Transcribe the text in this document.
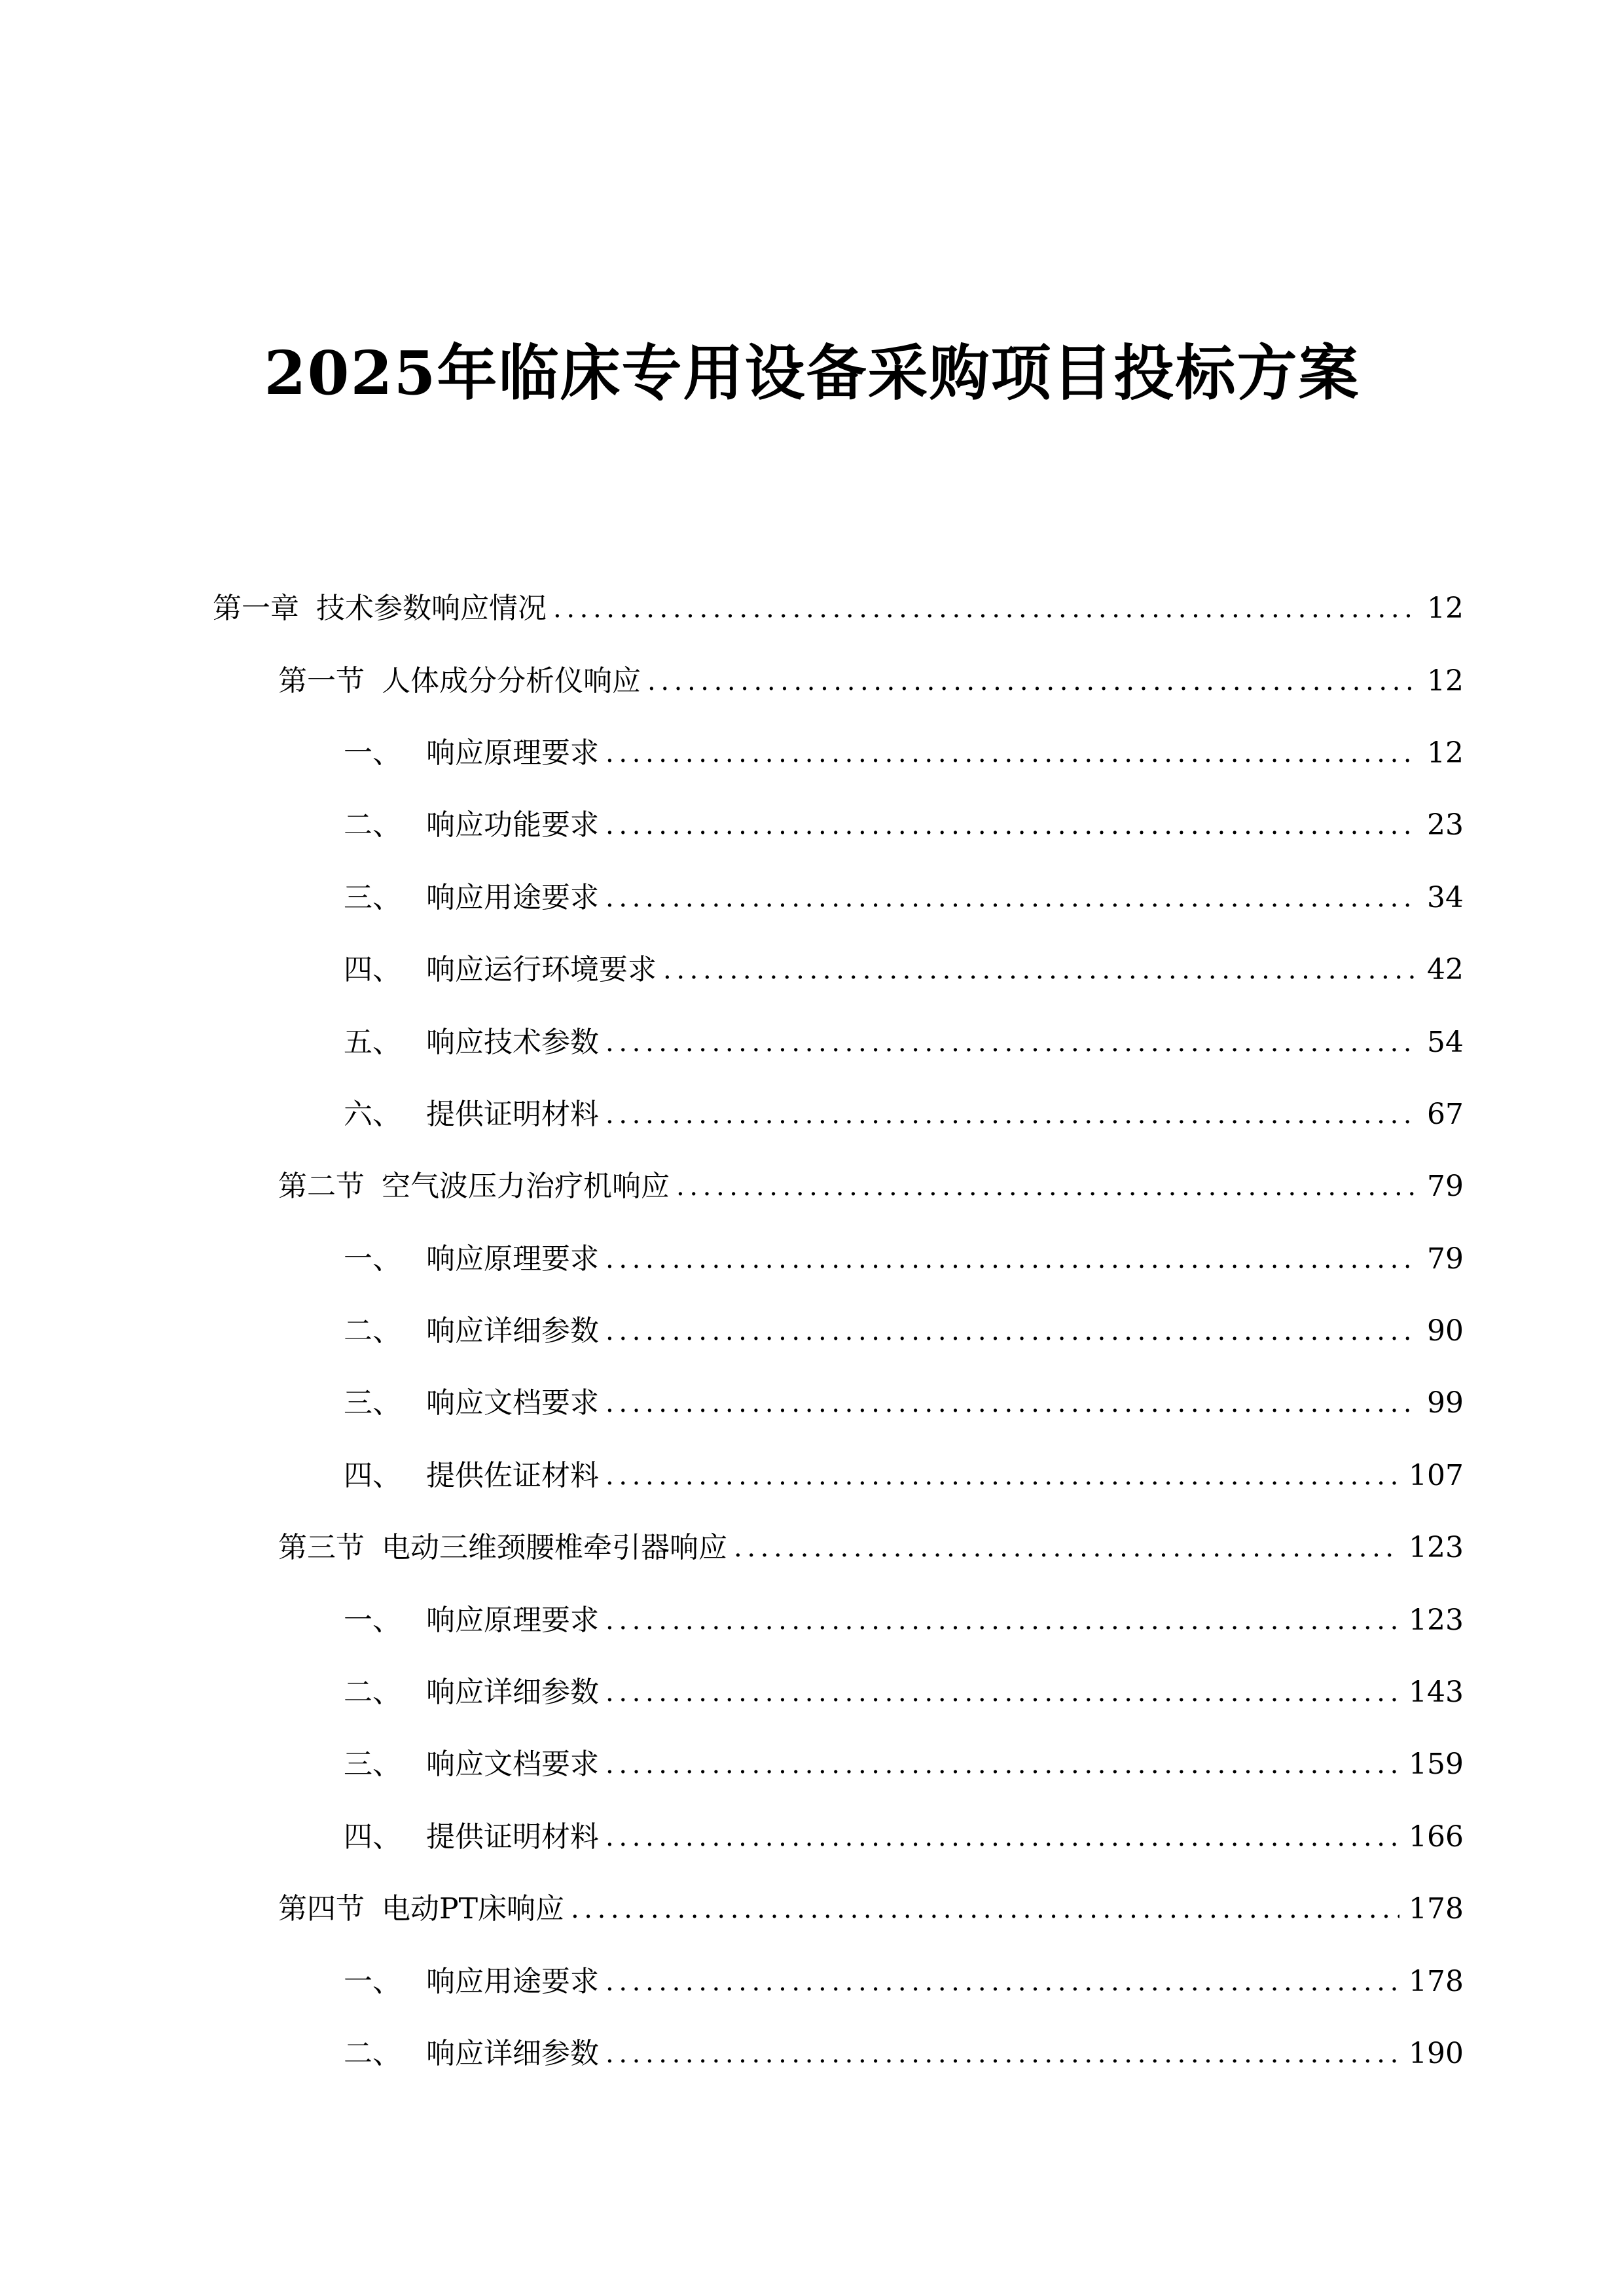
2025年临床专用设备采购项目投标方案
第一章 技术参数响应情况 .....	12
第一节 人体成分分析仪响应 .....	12
一、 响应原理要求 .....	12
二、 响应功能要求 .....	23
三、 响应用途要求 .....	34
四、 响应运行环境要求 .....	42
五、 响应技术参数 .....	54
六、 提供证明材料 .....	67
第二节 空气波压力治疗机响应 .....	79
一、 响应原理要求 .....	79
二、 响应详细参数 .....	90
三、 响应文档要求 .....	99
四、 提供佐证材料 .....	107
第三节 电动三维颈腰椎牵引器响应 .....	123
一、 响应原理要求 .....	123
二、 响应详细参数 .....	143
三、 响应文档要求 .....	159
四、 提供证明材料 .....	166
第四节 电动PT床响应 .....	178
一、 响应用途要求 .....	178
二、 响应详细参数 .....	190
